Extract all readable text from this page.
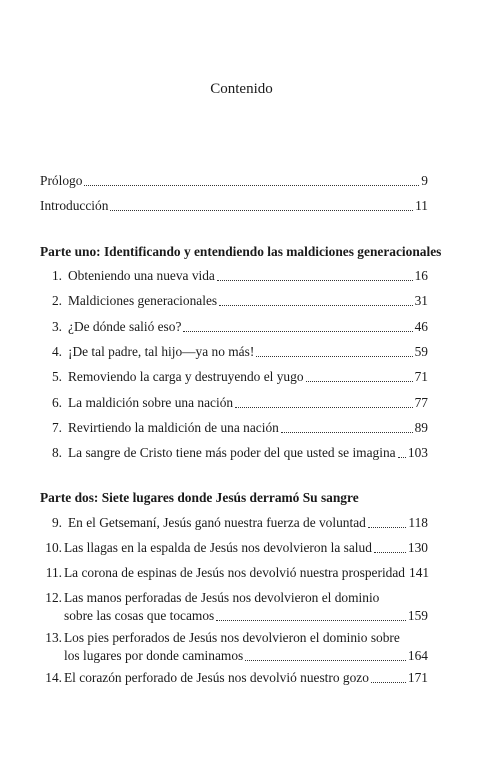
Contenido
Prólogo	9
Introducción	11
Parte uno: Identificando y entendiendo las maldiciones generacionales
1. Obteniendo una nueva vida	16
2. Maldiciones generacionales	31
3. ¿De dónde salió eso?	46
4. ¡De tal padre, tal hijo—ya no más!	59
5. Removiendo la carga y destruyendo el yugo	71
6. La maldición sobre una nación	77
7. Revirtiendo la maldición de una nación	89
8. La sangre de Cristo tiene más poder del que usted se imagina 103
Parte dos: Siete lugares donde Jesús derramó Su sangre
9. En el Getsemaní, Jesús ganó nuestra fuerza de voluntad	118
10. Las llagas en la espalda de Jesús nos devolvieron la salud	130
11. La corona de espinas de Jesús nos devolvió nuestra prosperidad 141
12. Las manos perforadas de Jesús nos devolvieron el dominio
sobre las cosas que tocamos	159
13. Los pies perforados de Jesús nos devolvieron el dominio sobre
los lugares por donde caminamos	164
14. El corazón perforado de Jesús nos devolvió nuestro gozo	171
